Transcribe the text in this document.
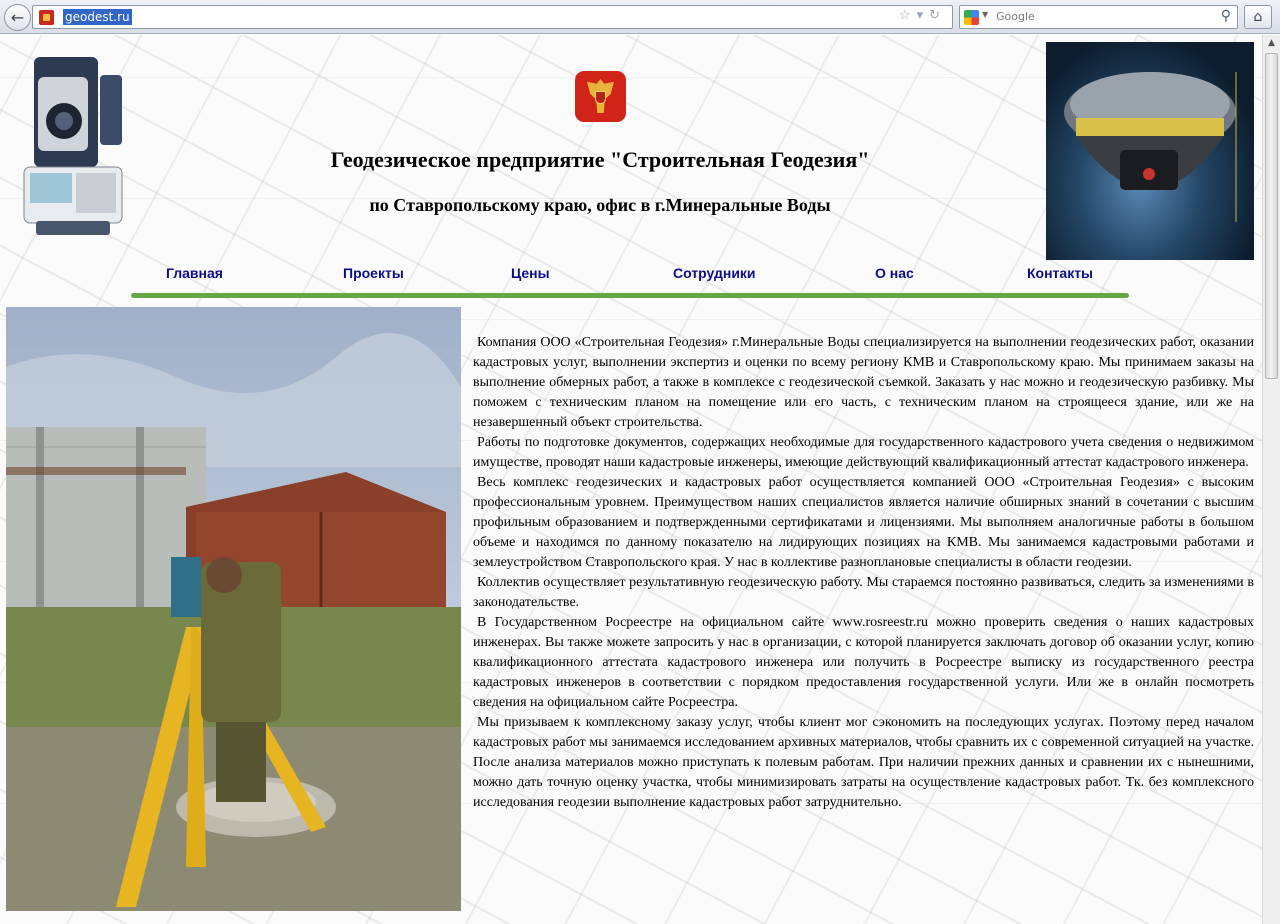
←	geodest.ru	☆▾↻	▼ Google	⚲	⌂
Геодезическое предприятие "Строительная Геодезия"
по Ставропольскому краю, офис в г.Минеральные Воды
Главная	Проекты	Цены	Сотрудники	О нас	Контакты

Компания ООО «Строительная Геодезия» г.Минеральные Воды специализируется на выполнении геодезических работ, оказании кадастровых услуг, выполнении экспертиз и оценки по всему региону КМВ и Ставропольскому краю. Мы принимаем заказы на выполнение обмерных работ, а также в комплексе с геодезической съемкой. Заказать у нас можно и геодезическую разбивку. Мы поможем с техническим планом на помещение или его часть, с техническим планом на строящееся здание, или же на незавершенный объект строительства.

Работы по подготовке документов, содержащих необходимые для государственного кадастрового учета сведения о недвижимом имуществе, проводят наши кадастровые инженеры, имеющие действующий квалификационный аттестат кадастрового инженера.

Весь комплекс геодезических и кадастровых работ осуществляется компанией ООО «Строительная Геодезия» с высоким профессиональным уровнем. Преимуществом наших специалистов является наличие обширных знаний в сочетании с высшим профильным образованием и подтвержденными сертификатами и лицензиями. Мы выполняем аналогичные работы в большом объеме и находимся по данному показателю на лидирующих позициях на КМВ. Мы занимаемся кадастровыми работами и землеустройством Ставропольского края. У нас в коллективе разноплановые специалисты в области геодезии.

Коллектив осуществляет результативную геодезическую работу. Мы стараемся постоянно развиваться, следить за изменениями в законодательстве.

В Государственном Росреестре на официальном сайте www.rosreestr.ru можно проверить сведения о наших кадастровых инженерах. Вы также можете запросить у нас в организации, с которой планируется заключать договор об оказании услуг, копию квалификационного аттестата кадастрового инженера или получить в Росреестре выписку из государственного реестра кадастровых инженеров в соответствии с порядком предоставления государственной услуги. Или же в онлайн посмотреть сведения на официальном сайте Росреестра.

Мы призываем к комплексному заказу услуг, чтобы клиент мог сэкономить на последующих услугах. Поэтому перед началом кадастровых работ мы занимаемся исследованием архивных материалов, чтобы сравнить их с современной ситуацией на участке. После анализа материалов можно приступать к полевым работам. При наличии прежних данных и сравнении их с нынешними, можно дать точную оценку участка, чтобы минимизировать затраты на осуществление кадастровых работ. Тк. без комплексного исследования геодезии выполнение кадастровых работ затруднительно.

▲
